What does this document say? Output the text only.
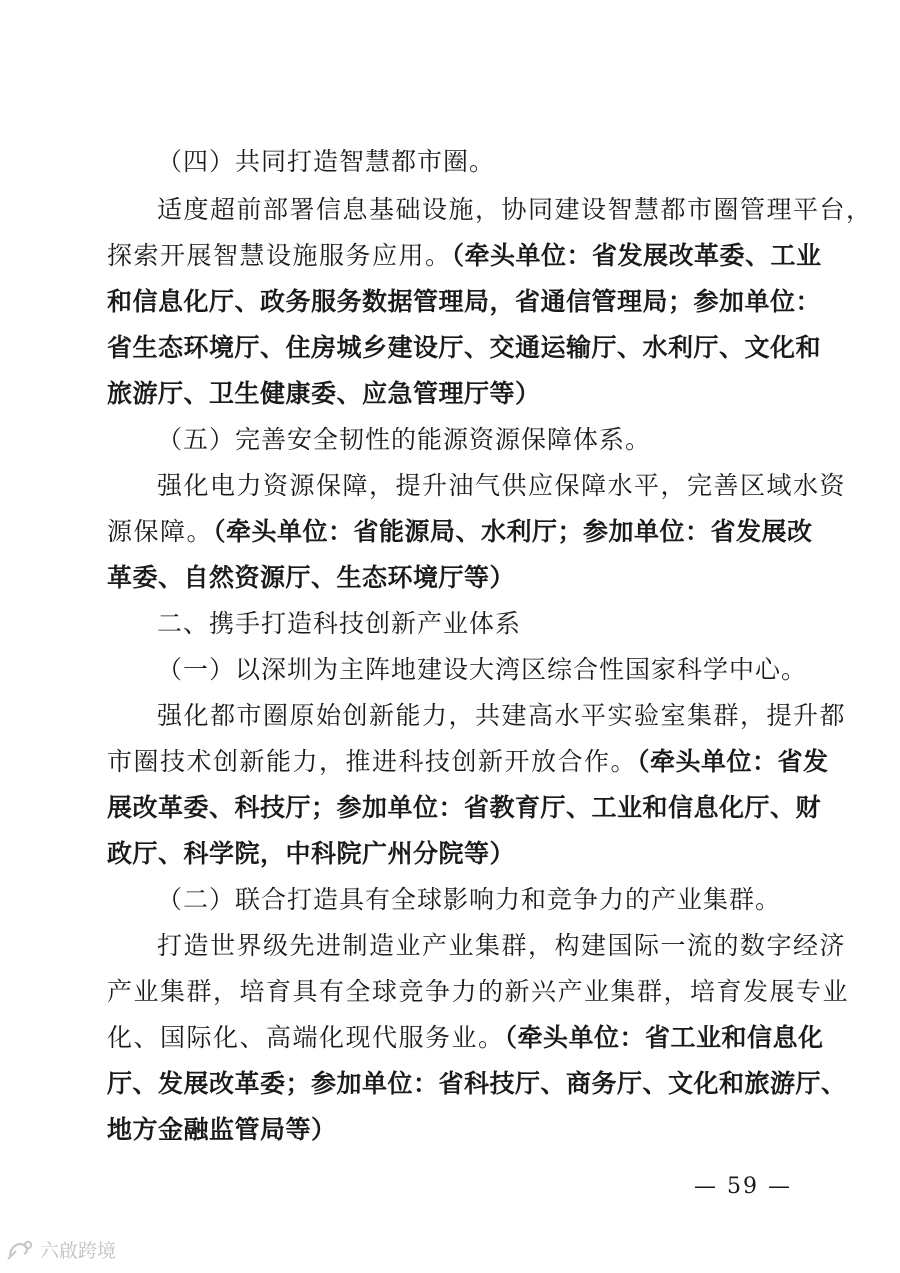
（四）共同打造智慧都市圈。
适度超前部署信息基础设施，协同建设智慧都市圈管理平台，
探索开展智慧设施服务应用。（牵头单位：省发展改革委、工业
和信息化厅、政务服务数据管理局，省通信管理局；参加单位：
省生态环境厅、住房城乡建设厅、交通运输厅、水利厅、文化和
旅游厅、卫生健康委、应急管理厅等）
（五）完善安全韧性的能源资源保障体系。
强化电力资源保障，提升油气供应保障水平，完善区域水资
源保障。（牵头单位：省能源局、水利厅；参加单位：省发展改
革委、自然资源厅、生态环境厅等）
二、携手打造科技创新产业体系
（一）以深圳为主阵地建设大湾区综合性国家科学中心。
强化都市圈原始创新能力，共建高水平实验室集群，提升都
市圈技术创新能力，推进科技创新开放合作。（牵头单位：省发
展改革委、科技厅；参加单位：省教育厅、工业和信息化厅、财
政厅、科学院，中科院广州分院等）
（二）联合打造具有全球影响力和竞争力的产业集群。
打造世界级先进制造业产业集群，构建国际一流的数字经济
产业集群，培育具有全球竞争力的新兴产业集群，培育发展专业
化、国际化、高端化现代服务业。（牵头单位：省工业和信息化
厅、发展改革委；参加单位：省科技厅、商务厅、文化和旅游厅、
地方金融监管局等）
— 59 —
六啟跨境
